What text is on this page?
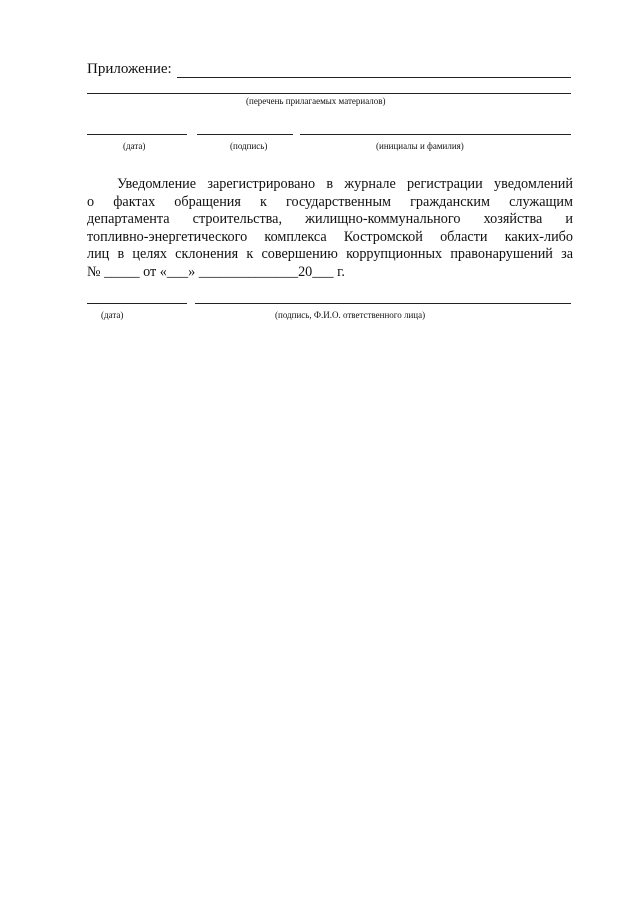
Приложение:
(перечень прилагаемых материалов)
(дата)	(подпись)	(инициалы и фамилия)
Уведомление зарегистрировано в журнале регистрации уведомлений
о фактах обращения к государственным гражданским служащим
департамента строительства, жилищно-коммунального хозяйства и
топливно-энергетического комплекса Костромской области каких-либо
лиц в целях склонения к совершению коррупционных правонарушений за
№ _____ от «___» ______________20___ г.
(дата)	(подпись, Ф.И.О. ответственного лица)
